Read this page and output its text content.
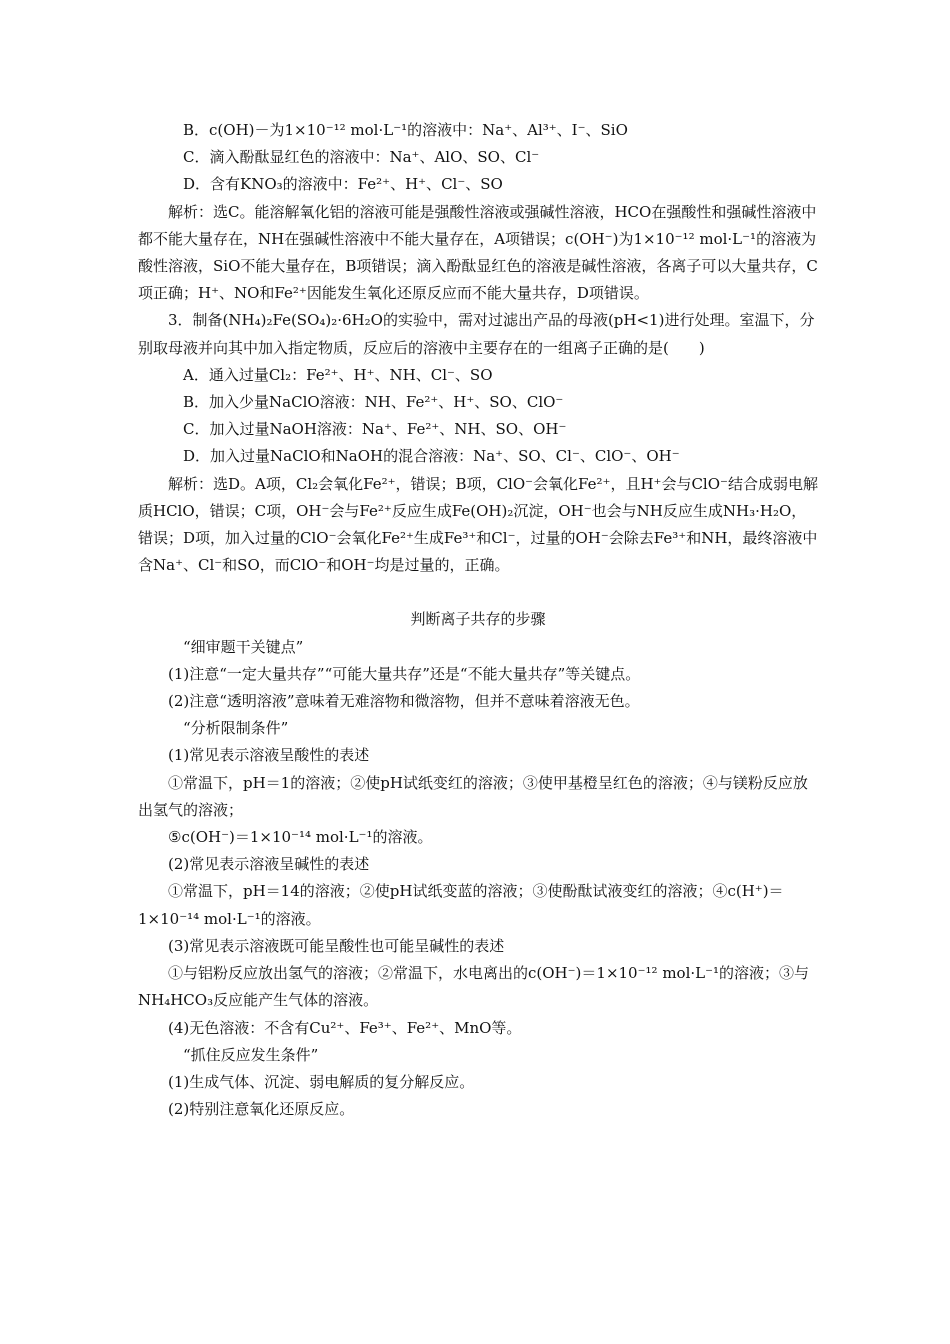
B．c(OH)－为1×10⁻¹² mol·L⁻¹的溶液中：Na⁺、Al³⁺、I⁻、SiO

C．滴入酚酞显红色的溶液中：Na⁺、AlO、SO、Cl⁻

D．含有KNO₃的溶液中：Fe²⁺、H⁺、Cl⁻、SO

解析：选C。能溶解氧化铝的溶液可能是强酸性溶液或强碱性溶液，HCO在强酸性和强碱性溶液中都不能大量存在，NH在强碱性溶液中不能大量存在，A项错误；c(OH⁻)为1×10⁻¹² mol·L⁻¹的溶液为酸性溶液，SiO不能大量存在，B项错误；滴入酚酞显红色的溶液是碱性溶液，各离子可以大量共存，C项正确；H⁺、NO和Fe²⁺因能发生氧化还原反应而不能大量共存，D项错误。

3．制备(NH₄)₂Fe(SO₄)₂·6H₂O的实验中，需对过滤出产品的母液(pH<1)进行处理。室温下，分别取母液并向其中加入指定物质，反应后的溶液中主要存在的一组离子正确的是(　　)

A．通入过量Cl₂：Fe²⁺、H⁺、NH、Cl⁻、SO

B．加入少量NaClO溶液：NH、Fe²⁺、H⁺、SO、ClO⁻

C．加入过量NaOH溶液：Na⁺、Fe²⁺、NH、SO、OH⁻

D．加入过量NaClO和NaOH的混合溶液：Na⁺、SO、Cl⁻、ClO⁻、OH⁻

解析：选D。A项，Cl₂会氧化Fe²⁺，错误；B项，ClO⁻会氧化Fe²⁺，且H⁺会与ClO⁻结合成弱电解质HClO，错误；C项，OH⁻会与Fe²⁺反应生成Fe(OH)₂沉淀，OH⁻也会与NH反应生成NH₃·H₂O，错误；D项，加入过量的ClO⁻会氧化Fe²⁺生成Fe³⁺和Cl⁻，过量的OH⁻会除去Fe³⁺和NH，最终溶液中含Na⁺、Cl⁻和SO，而ClO⁻和OH⁻均是过量的，正确。

判断离子共存的步骤

“细审题干关键点”

(1)注意“一定大量共存”“可能大量共存”还是“不能大量共存”等关键点。

(2)注意“透明溶液”意味着无难溶物和微溶物，但并不意味着溶液无色。

“分析限制条件”

(1)常见表示溶液呈酸性的表述

①常温下，pH＝1的溶液；②使pH试纸变红的溶液；③使甲基橙呈红色的溶液；④与镁粉反应放出氢气的溶液；

⑤c(OH⁻)＝1×10⁻¹⁴ mol·L⁻¹的溶液。

(2)常见表示溶液呈碱性的表述

①常温下，pH＝14的溶液；②使pH试纸变蓝的溶液；③使酚酞试液变红的溶液；④c(H⁺)＝1×10⁻¹⁴ mol·L⁻¹的溶液。

(3)常见表示溶液既可能呈酸性也可能呈碱性的表述

①与铝粉反应放出氢气的溶液；②常温下，水电离出的c(OH⁻)＝1×10⁻¹² mol·L⁻¹的溶液；③与NH₄HCO₃反应能产生气体的溶液。

(4)无色溶液：不含有Cu²⁺、Fe³⁺、Fe²⁺、MnO等。

“抓住反应发生条件”

(1)生成气体、沉淀、弱电解质的复分解反应。

(2)特别注意氧化还原反应。
